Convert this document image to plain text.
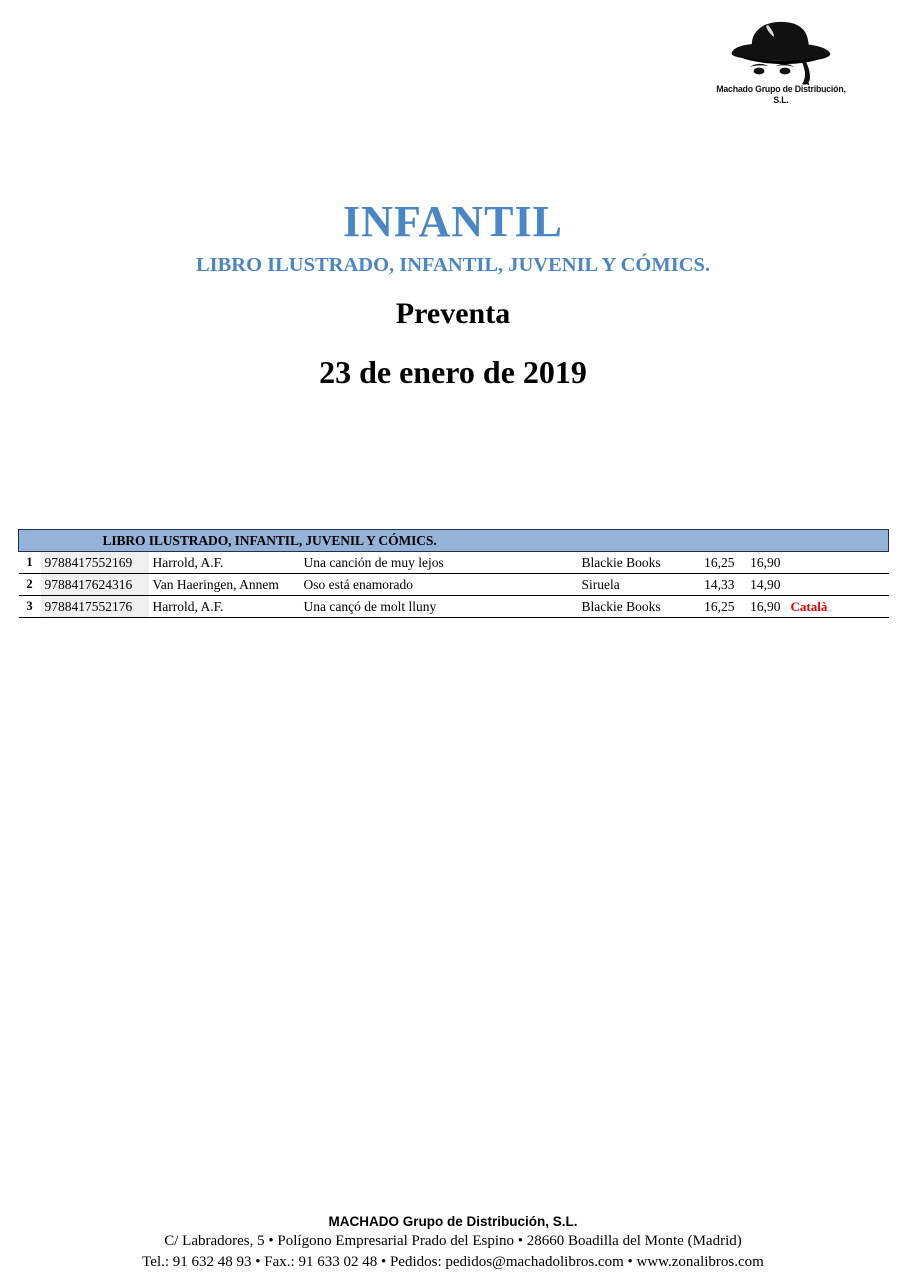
Machado Grupo de Distribución, S.L.
INFANTIL
LIBRO ILUSTRADO, INFANTIL, JUVENIL Y CÓMICS.
Preventa
23 de enero de 2019
LIBRO ILUSTRADO, INFANTIL, JUVENIL Y CÓMICS.							

1	9788417552169	Harrold, A.F.	Una canción de muy lejos	Blackie Books	16,25	16,90	
2	9788417624316	Van Haeringen, Annem	Oso está enamorado	Siruela	14,33	14,90	
3	9788417552176	Harrold, A.F.	Una cançó de molt lluny	Blackie Books	16,25	16,90	Català
MACHADO Grupo de Distribución, S.L.
C/ Labradores, 5 • Polígono Empresarial Prado del Espino • 28660 Boadilla del Monte (Madrid)
Tel.: 91 632 48 93 • Fax.: 91 633 02 48 • Pedidos: pedidos@machadolibros.com • www.zonalibros.com
